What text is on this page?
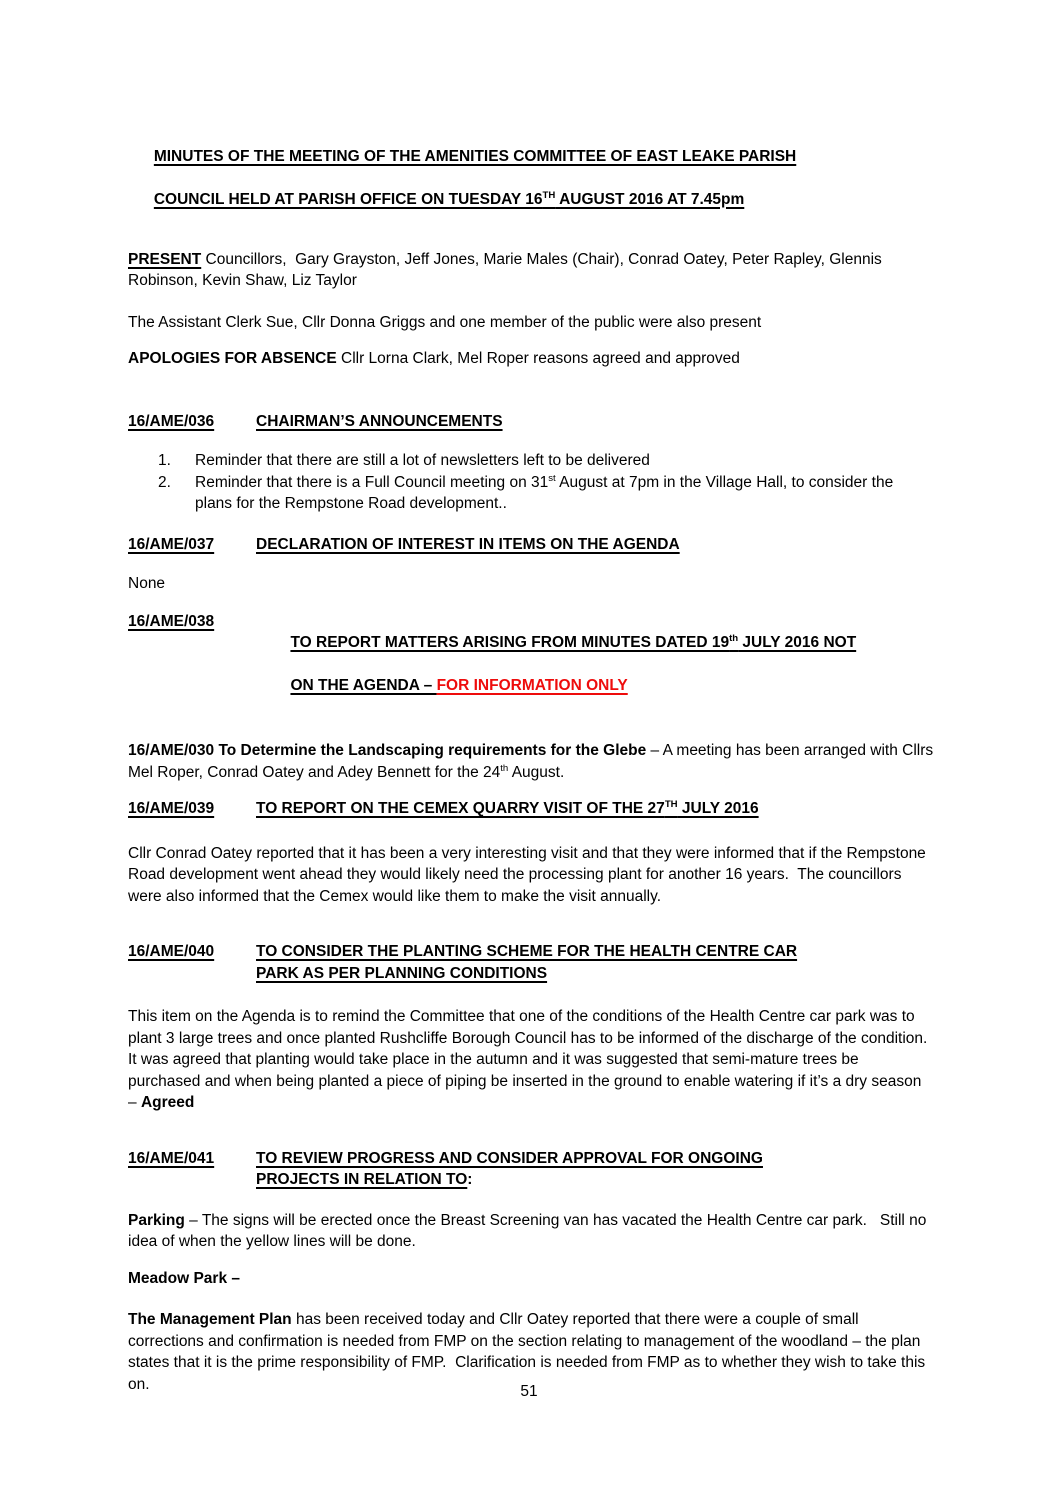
MINUTES OF THE MEETING OF THE AMENITIES COMMITTEE OF EAST LEAKE PARISH

COUNCIL HELD AT PARISH OFFICE ON TUESDAY 16TH AUGUST 2016 AT 7.45pm

PRESENT Councillors,  Gary Grayston, Jeff Jones, Marie Males (Chair), Conrad Oatey, Peter Rapley, Glennis Robinson, Kevin Shaw, Liz Taylor

The Assistant Clerk Sue, Cllr Donna Griggs and one member of the public were also present

APOLOGIES FOR ABSENCE Cllr Lorna Clark, Mel Roper reasons agreed and approved

16/AME/036	CHAIRMAN’S ANNOUNCEMENTS
1.	Reminder that there are still a lot of newsletters left to be delivered
2.	Reminder that there is a Full Council meeting on 31st August at 7pm in the Village Hall, to consider the plans for the Rempstone Road development..
16/AME/037	DECLARATION OF INTEREST IN ITEMS ON THE AGENDA

None

16/AME/038

TO REPORT MATTERS ARISING FROM MINUTES DATED 19th JULY 2016 NOT

ON THE AGENDA – FOR INFORMATION ONLY

16/AME/030 To Determine the Landscaping requirements for the Glebe – A meeting has been arranged with Cllrs Mel Roper, Conrad Oatey and Adey Bennett for the 24th August.

16/AME/039	TO REPORT ON THE CEMEX QUARRY VISIT OF THE 27TH JULY 2016

Cllr Conrad Oatey reported that it has been a very interesting visit and that they were informed that if the Rempstone Road development went ahead they would likely need the processing plant for another 16 years.  The councillors were also informed that the Cemex would like them to make the visit annually.

16/AME/040	TO CONSIDER THE PLANTING SCHEME FOR THE HEALTH CENTRE CAR
PARK AS PER PLANNING CONDITIONS

This item on the Agenda is to remind the Committee that one of the conditions of the Health Centre car park was to plant 3 large trees and once planted Rushcliffe Borough Council has to be informed of the discharge of the condition.  It was agreed that planting would take place in the autumn and it was suggested that semi-mature trees be purchased and when being planted a piece of piping be inserted in the ground to enable watering if it’s a dry season – Agreed

16/AME/041	TO REVIEW PROGRESS AND CONSIDER APPROVAL FOR ONGOING
PROJECTS IN RELATION TO:

Parking – The signs will be erected once the Breast Screening van has vacated the Health Centre car park.   Still no idea of when the yellow lines will be done.

Meadow Park –

The Management Plan has been received today and Cllr Oatey reported that there were a couple of small corrections and confirmation is needed from FMP on the section relating to management of the woodland – the plan states that it is the prime responsibility of FMP.  Clarification is needed from FMP as to whether they wish to take this on.	51
